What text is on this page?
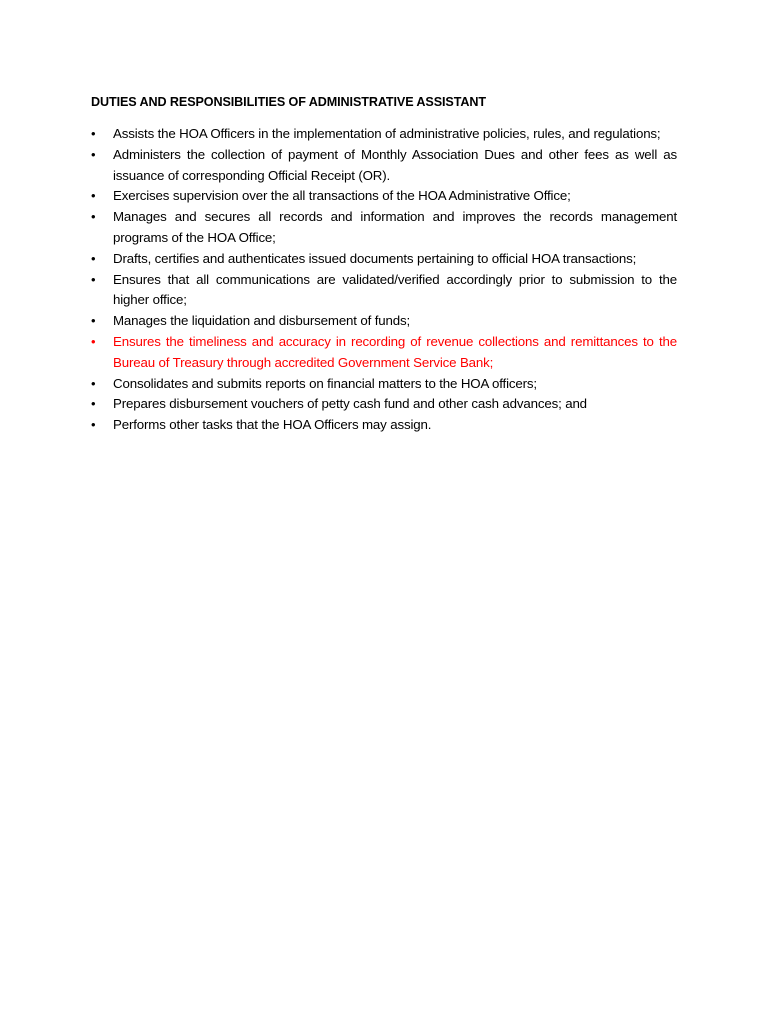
DUTIES AND RESPONSIBILITIES OF ADMINISTRATIVE ASSISTANT
• Assists the HOA Officers in the implementation of administrative policies, rules, and regulations;
• Administers the collection of payment of Monthly Association Dues and other fees as well as issuance of corresponding Official Receipt (OR).
• Exercises supervision over the all transactions of the HOA Administrative Office;
• Manages and secures all records and information and improves the records management programs of the HOA Office;
• Drafts, certifies and authenticates issued documents pertaining to official HOA transactions;
• Ensures that all communications are validated/verified accordingly prior to submission to the higher office;
• Manages the liquidation and disbursement of funds;
• Ensures the timeliness and accuracy in recording of revenue collections and remittances to the Bureau of Treasury through accredited Government Service Bank;
• Consolidates and submits reports on financial matters to the HOA officers;
• Prepares disbursement vouchers of petty cash fund and other cash advances; and
• Performs other tasks that the HOA Officers may assign.
